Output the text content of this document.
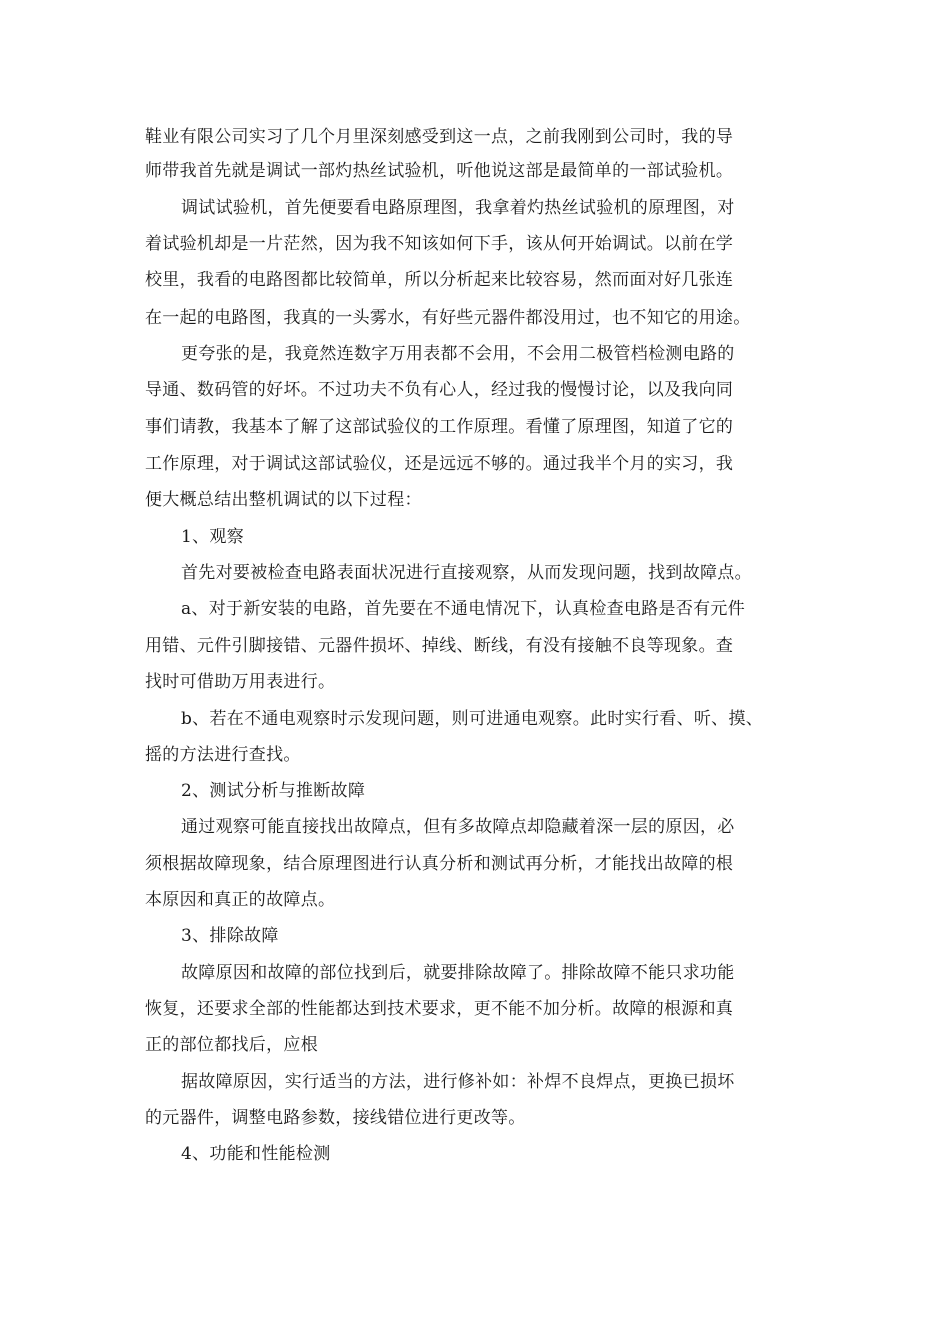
鞋业有限公司实习了几个月里深刻感受到这一点，之前我刚到公司时，我的导
师带我首先就是调试一部灼热丝试验机，听他说这部是最简单的一部试验机。
调试试验机，首先便要看电路原理图，我拿着灼热丝试验机的原理图，对
着试验机却是一片茫然，因为我不知该如何下手，该从何开始调试。以前在学
校里，我看的电路图都比较简单，所以分析起来比较容易，然而面对好几张连
在一起的电路图，我真的一头雾水，有好些元器件都没用过，也不知它的用途。
更夸张的是，我竟然连数字万用表都不会用，不会用二极管档检测电路的
导通、数码管的好坏。不过功夫不负有心人，经过我的慢慢讨论，以及我向同
事们请教，我基本了解了这部试验仪的工作原理。看懂了原理图，知道了它的
工作原理，对于调试这部试验仪，还是远远不够的。通过我半个月的实习，我
便大概总结出整机调试的以下过程：
1、观察
首先对要被检查电路表面状况进行直接观察，从而发现问题，找到故障点。
a、对于新安装的电路，首先要在不通电情况下，认真检查电路是否有元件
用错、元件引脚接错、元器件损坏、掉线、断线，有没有接触不良等现象。查
找时可借助万用表进行。
b、若在不通电观察时示发现问题，则可进通电观察。此时实行看、听、摸、
摇的方法进行查找。
2、测试分析与推断故障
通过观察可能直接找出故障点，但有多故障点却隐藏着深一层的原因，必
须根据故障现象，结合原理图进行认真分析和测试再分析，才能找出故障的根
本原因和真正的故障点。
3、排除故障
故障原因和故障的部位找到后，就要排除故障了。排除故障不能只求功能
恢复，还要求全部的性能都达到技术要求，更不能不加分析。故障的根源和真
正的部位都找后，应根
据故障原因，实行适当的方法，进行修补如：补焊不良焊点，更换已损坏
的元器件，调整电路参数，接线错位进行更改等。
4、功能和性能检测
